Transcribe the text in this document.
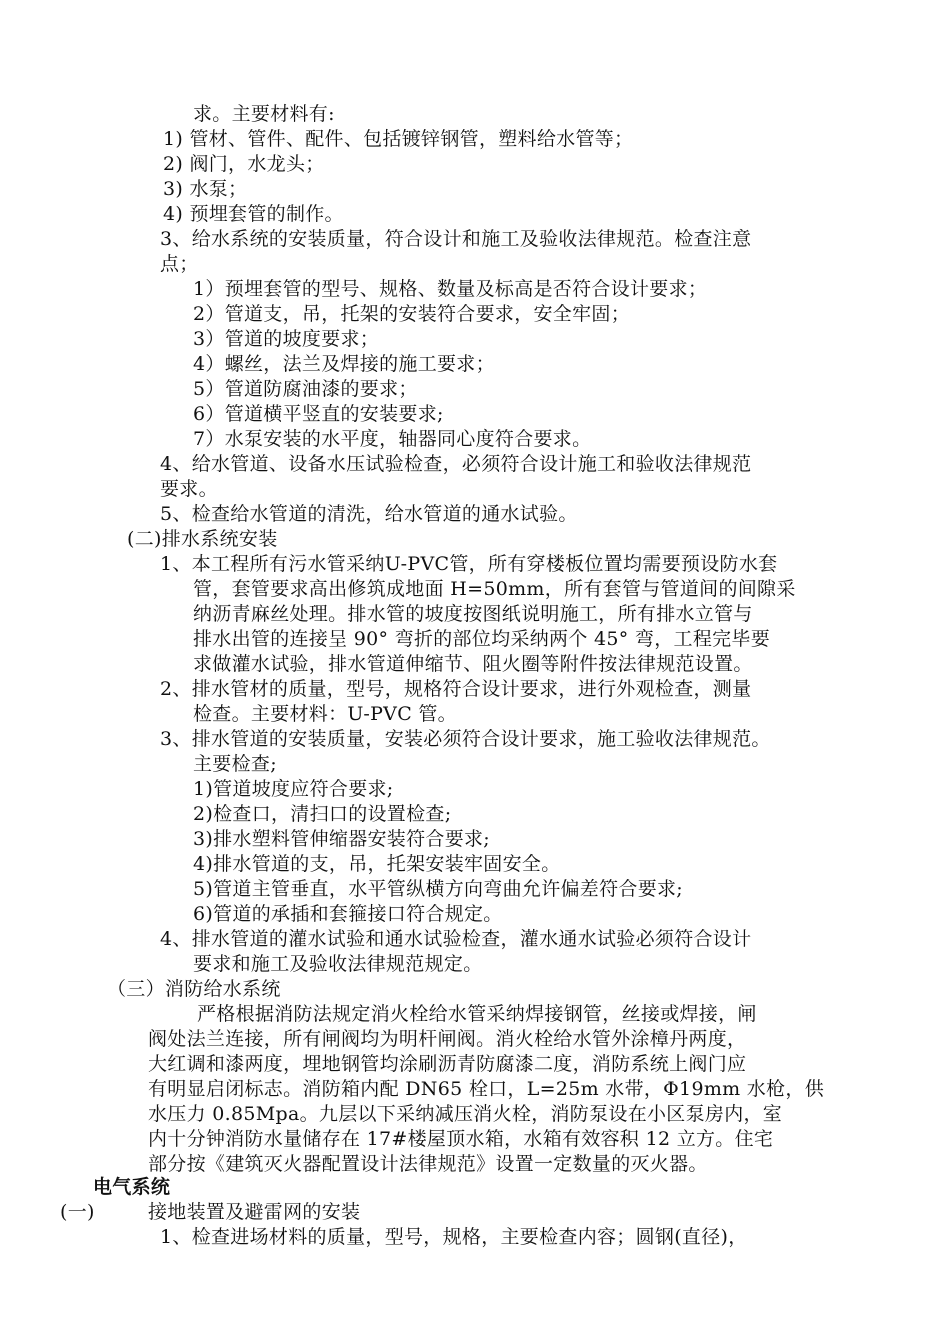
求。主要材料有:

1) 管材、管件、配件、包括镀锌钢管，塑料给水管等；

2) 阀门，水龙头；

3) 水泵；

4) 预埋套管的制作。

3、给水系统的安装质量，符合设计和施工及验收法律规范。检查注意

点；

1）预埋套管的型号、规格、数量及标高是否符合设计要求；

2）管道支，吊，托架的安装符合要求，安全牢固；

3）管道的坡度要求；

4）螺丝，法兰及焊接的施工要求；

5）管道防腐油漆的要求；

6）管道横平竖直的安装要求;

7）水泵安装的水平度，轴器同心度符合要求。

4、给水管道、设备水压试验检查，必须符合设计施工和验收法律规范

要求。

5、检查给水管道的清洗，给水管道的通水试验。

(二)排水系统安装

1、本工程所有污水管采纳U-PVC管，所有穿楼板位置均需要预设防水套

管，套管要求高出修筑成地面 H=50mm，所有套管与管道间的间隙采

纳沥青麻丝处理。排水管的坡度按图纸说明施工，所有排水立管与

排水出管的连接呈 90° 弯折的部位均采纳两个 45° 弯，工程完毕要

求做灌水试验，排水管道伸缩节、阻火圈等附件按法律规范设置。

2、排水管材的质量，型号，规格符合设计要求，进行外观检查，测量

检查。主要材料：U-PVC 管。

3、排水管道的安装质量，安装必须符合设计要求，施工验收法律规范。

主要检查;

1)管道坡度应符合要求;

2)检查口，清扫口的设置检查;

3)排水塑料管伸缩器安装符合要求;

4)排水管道的支，吊，托架安装牢固安全。

5)管道主管垂直，水平管纵横方向弯曲允许偏差符合要求;

6)管道的承插和套箍接口符合规定。

4、排水管道的灌水试验和通水试验检查，灌水通水试验必须符合设计

要求和施工及验收法律规范规定。

（三）消防给水系统

严格根据消防法规定消火栓给水管采纳焊接钢管，丝接或焊接，闸

阀处法兰连接，所有闸阀均为明杆闸阀。消火栓给水管外涂樟丹两度，

大红调和漆两度，埋地钢管均涂刷沥青防腐漆二度，消防系统上阀门应

有明显启闭标志。消防箱内配 DN65 栓口，L=25m 水带，Φ19mm 水枪，供

水压力 0.85Mpa。九层以下采纳减压消火栓，消防泵设在小区泵房内，室

内十分钟消防水量储存在 17#楼屋顶水箱，水箱有效容积 12 立方。住宅

部分按《建筑灭火器配置设计法律规范》设置一定数量的灭火器。

电气系统

(一)	接地装置及避雷网的安装

1、检查进场材料的质量，型号，规格，主要检查内容；圆钢(直径)，
